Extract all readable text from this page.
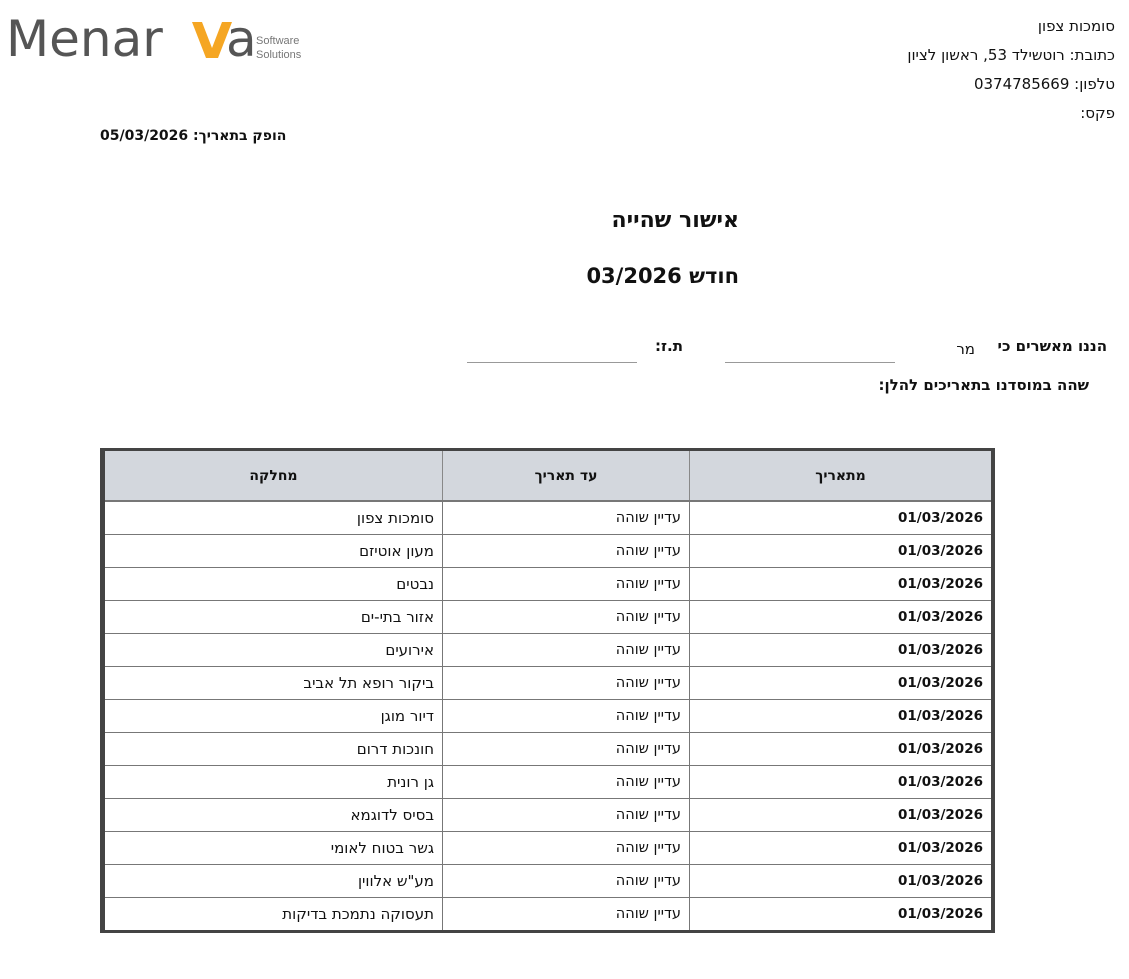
Menar a Software
Solutions
סומכות צפון
כתובת: רוטשילד 53, ראשון לציון
טלפון: 0374785669
פקס:
הופק בתאריך: 05/03/2026
אישור שהייה
חודש 03/2026
הננו מאשרים כי
מר
ת.ז:
שהה במוסדנו בתאריכים להלן:
מתאריך	עד תאריך	מחלקה
01/03/2026	עדיין שוהה	סומכות צפון
01/03/2026	עדיין שוהה	מעון אוטיזם
01/03/2026	עדיין שוהה	נבטים
01/03/2026	עדיין שוהה	אזור בתי-ים
01/03/2026	עדיין שוהה	אירועים
01/03/2026	עדיין שוהה	ביקור רופא תל אביב
01/03/2026	עדיין שוהה	דיור מוגן
01/03/2026	עדיין שוהה	חונכות דרום
01/03/2026	עדיין שוהה	גן רונית
01/03/2026	עדיין שוהה	בסיס לדוגמא
01/03/2026	עדיין שוהה	גשר בטוח לאומי
01/03/2026	עדיין שוהה	מע"ש אלווין
01/03/2026	עדיין שוהה	תעסוקה נתמכת בדיקות
